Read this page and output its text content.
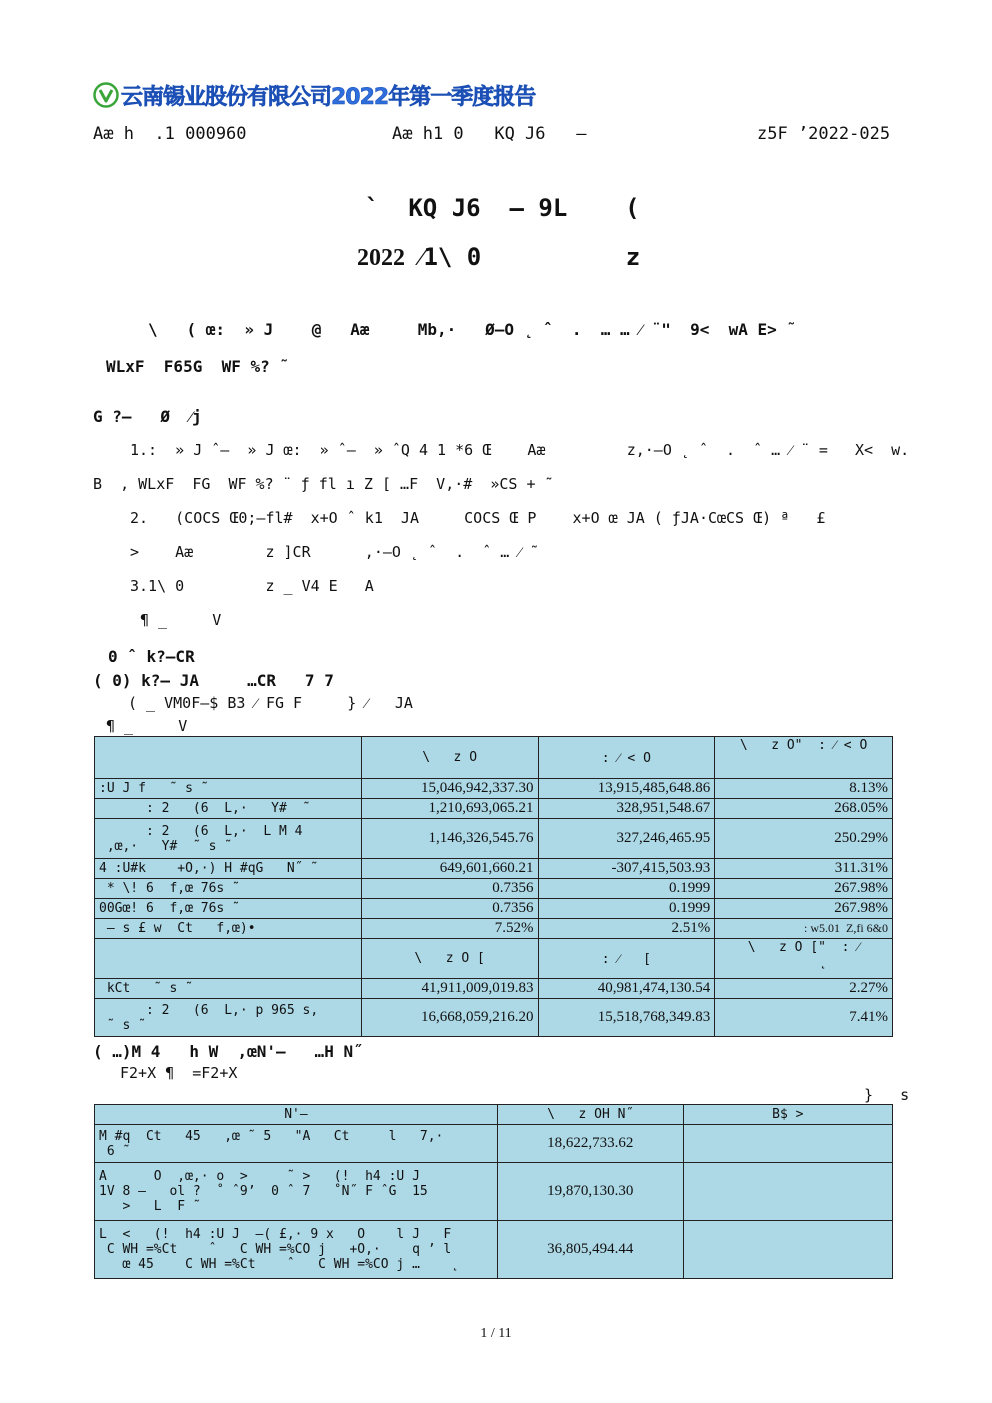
云南锡业股份有限公司2022年第一季度报告
Aæ h  .1 000960	Aæ h1 0   KQ J6   –	z5F ’2022-025
`  KQ J6  – 9L    (
2022 ⁄1\ 0          z
\   ( œ:  » J    @   Aæ     Mb,·   Ø–O ˛ ˆ  .  … … ⁄ ¨"  9<  wA E> ˜
WLxF  F65G  WF %? ˜
G ?–   Ø  ⁄j
1.:  » J ˆ–  » J œ:  » ˆ–  » ˆQ 4 1 *6 Œ    Aæ         z,·–O ˛ ˆ  .  ˆ … ⁄ ¨ =   X<  w.
B  , WLxF  FG  WF %? ¨ ƒ fl ı Z [ …F  V,·#  »CS + ˜
2.   (COCS Œ0;–fl#  x+O ˆ k1  JA     COCS Œ P    x+O œ JA ( ƒJA·CœCS Œ) ª   £
>    Aæ        z ]CR      ,·–O ˛ ˆ  .  ˆ … ⁄ ˜
3.1\ 0         z _ V4 E   A
¶ _     V
0 ˆ k?–CR
( 0) k?– JA     …CR   7 7
( _ VM0F–$ B3 ⁄ FG F     } ⁄   JA
¶ _     V
	\   z O	: ⁄ < O	\   z O"  : ⁄ < O
:U J f   ˜ s ˜	15,046,942,337.30	13,915,485,648.86	8.13%
: 2   (6  L,·   Y#  ˜	1,210,693,065.21	328,951,548.67	268.05%
: 2   (6  L,·  L M 4
,œ,·   Y#  ˜ s ˜	1,146,326,545.76	327,246,465.95	250.29%
4 :U#k    +O,·) H #qG   N˝ ˜	649,601,660.21	-307,415,503.93	311.31%
* \! 6  f,œ 76s ˜	0.7356	0.1999	267.98%
00Gœ! 6  f,œ 76s ˜	0.7356	0.1999	267.98%
– s £ w  Ct   f,œ)•	7.52%	2.51%	: w5.01  Z,fi 6&0
	\   z O [	: ⁄   [	\   z O ["  : ⁄
˛
kCt   ˜ s ˜	41,911,009,019.83	40,981,474,130.54	2.27%
: 2   (6  L,· p 965 s,
˜ s ˜	16,668,059,216.20	15,518,768,349.83	7.41%
( …)M 4   h W  ,œN'–   …H N˝
F2+X ¶  =F2+X
}   s
N'–	\   z OH N˝	B$ >
M #q  Ct   45   ,œ ˜ 5   "A   Ct     l   7,·
6 ˜	18,622,733.62	
A      O  ,œ,· o  >     ˜ >   (!  h4 :U J
1V 8 –   ol ?  ˚ ˆ9’  0 ˆ 7   ˚N˝ F ˆG  15
>   L  F ˜	19,870,130.30	
L  <   (!  h4 :U J  –( £,· 9 x   O    l J   F
C WH =%Ct    ˆ   C WH =%CO j   +O,·    q ’ l
œ 45    C WH =%Ct    ˆ   C WH =%CO j …    ˛	36,805,494.44	
1 / 11
